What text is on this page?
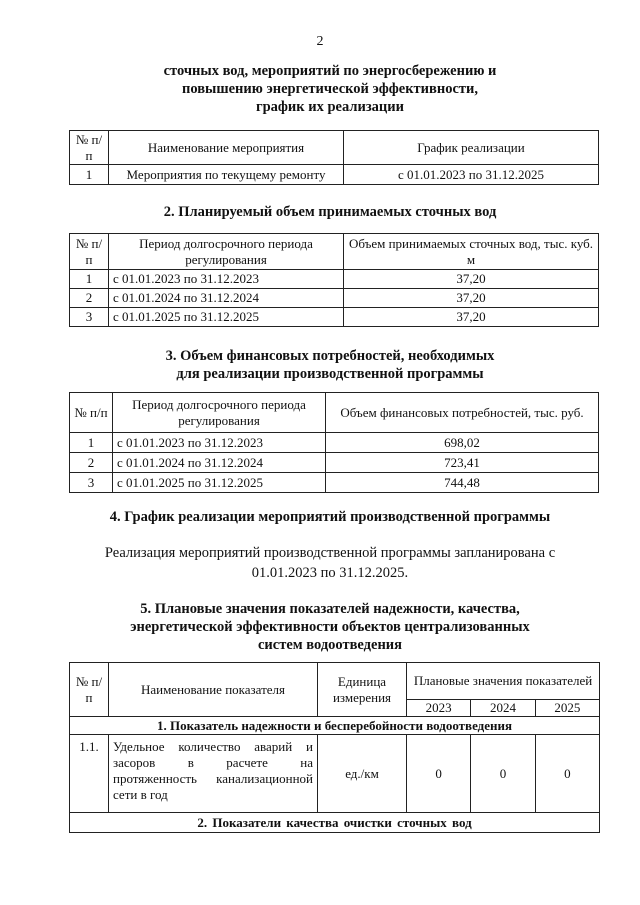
2
сточных вод, мероприятий по энергосбережению и
повышению энергетической эффективности,
график их реализации
№ п/п	Наименование мероприятия	График реализации
1	Мероприятия по текущему ремонту	с 01.01.2023 по 31.12.2025
2. Планируемый объем принимаемых сточных вод
№ п/п	Период долгосрочного периода регулирования	Объем принимаемых сточных вод, тыс. куб. м
1	с 01.01.2023 по 31.12.2023	37,20
2	с 01.01.2024 по 31.12.2024	37,20
3	с 01.01.2025 по 31.12.2025	37,20
3. Объем финансовых потребностей, необходимых
для реализации производственной программы
№ п/п	Период долгосрочного периода регулирования	Объем финансовых потребностей, тыс. руб.
1	с 01.01.2023 по 31.12.2023	698,02
2	с 01.01.2024 по 31.12.2024	723,41
3	с 01.01.2025 по 31.12.2025	744,48
4. График реализации мероприятий производственной программы
Реализация мероприятий производственной программы запланирована с
01.01.2023 по 31.12.2025.
5. Плановые значения показателей надежности, качества,
энергетической эффективности объектов централизованных
систем водоотведения
№ п/п	Наименование показателя	Единица измерения	Плановые значения показателей		
			2023	2024	2025
1. Показатель надежности и бесперебойности водоотведения					
1.1.	Удельное количество аварий и
засоров в расчете на
протяженность канализационной
сети в год	ед./км	0	0	0
2. Показатели качества очистки сточных вод					
